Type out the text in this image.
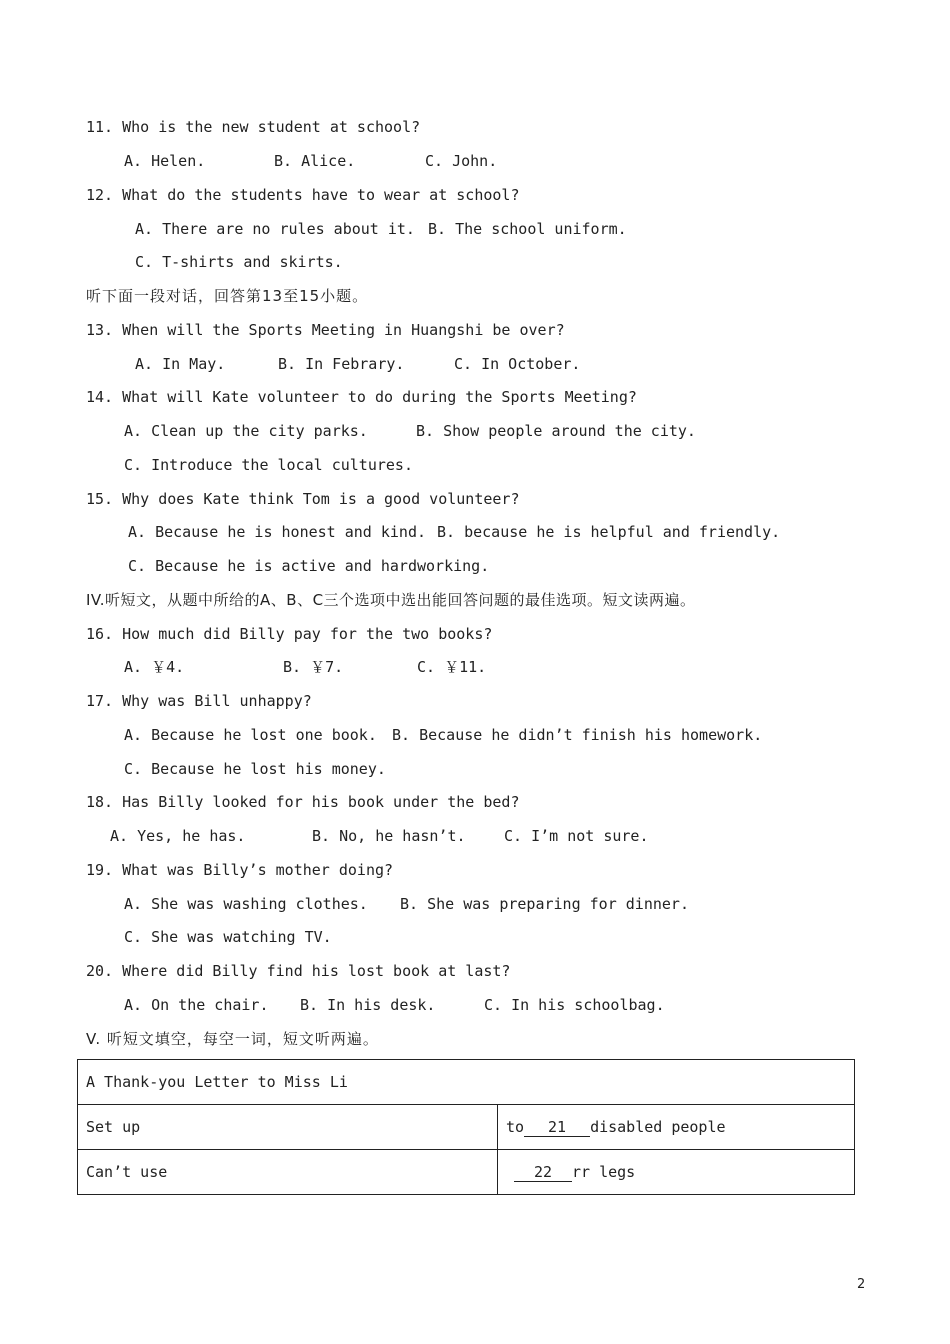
11. Who is the new student at school?
A. Helen.	B. Alice.	C. John.
12. What do the students have to wear at school?
A. There are no rules about it. B. The school uniform.
C. T-shirts and skirts.
听下面一段对话，回答第13至15小题。
13. When will the Sports Meeting in Huangshi be over?
A. In May.	B. In Febrary.	C. In October.
14. What will Kate volunteer to do during the Sports Meeting?
A. Clean up the city parks.	B. Show people around the city.
C. Introduce the local cultures.
15. Why does Kate think Tom is a good volunteer?
A. Because he is honest and kind. B. because he is helpful and friendly.
C. Because he is active and hardworking.
IV.听短文，从题中所给的A、B、C三个选项中选出能回答问题的最佳选项。短文读两遍。
16. How much did Billy pay for the two books?
A. ￥4.	B. ￥7.	C. ￥11.
17. Why was Bill unhappy?
A. Because he lost one book. B. Because he didn’t finish his homework.
C. Because he lost his money.
18. Has Billy looked for his book under the bed?
A. Yes, he has.	B. No, he hasn’t.	C. I’m not sure.
19. What was Billy’s mother doing?
A. She was washing clothes. B. She was preparing for dinner.
C. She was watching TV.
20. Where did Billy find his lost book at last?
A. On the chair. B. In his desk.	C. In his schoolbag.
V. 听短文填空，每空一词，短文听两遍。
A Thank-you Letter to Miss Li	
Set up	to 21 disabled people
Can’t use	22 rr legs
2
